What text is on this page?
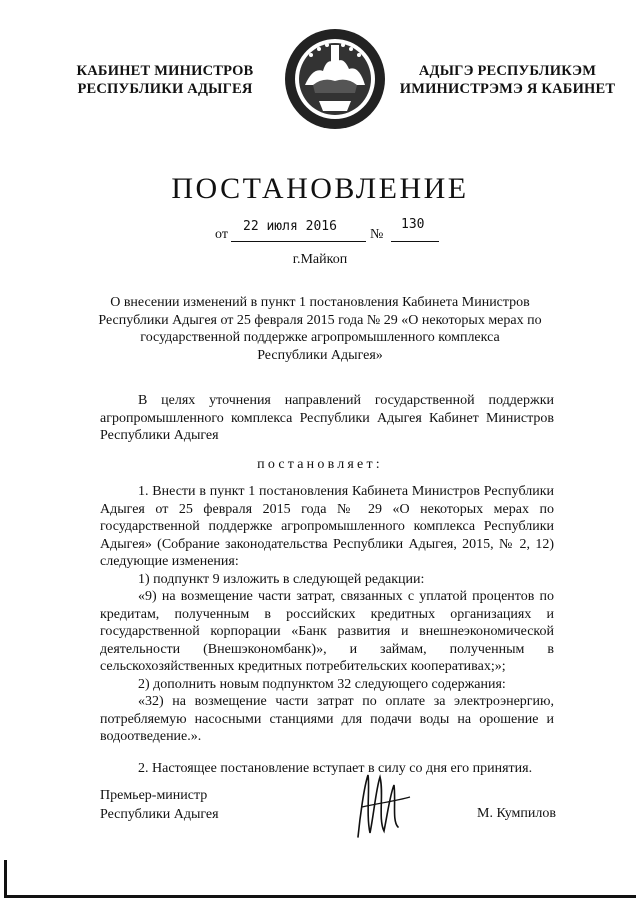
КАБИНЕТ МИНИСТРОВ
РЕСПУБЛИКИ АДЫГЕЯ
АДЫГЭ РЕСПУБЛИКЭМ
ИМИНИСТРЭМЭ Я КАБИНЕТ
ПОСТАНОВЛЕНИЕ
от
22 июля 2016
№
130
г.Майкоп
О внесении изменений в пункт 1 постановления Кабинета Министров
Республики Адыгея от 25 февраля 2015 года № 29 «О некоторых мерах по
государственной поддержке агропромышленного комплекса
Республики Адыгея»
В целях уточнения направлений государственной поддержки агропромышленного комплекса Республики Адыгея Кабинет Министров Республики Адыгея
постановляет:

1. Внести в пункт 1 постановления Кабинета Министров Республики Адыгея от 25 февраля 2015 года № 29 «О некоторых мерах по государственной поддержке агропромышленного комплекса Республики Адыгея» (Собрание законодательства Республики Адыгея, 2015, № 2, 12) следующие изменения:

1) подпункт 9 изложить в следующей редакции:

«9) на возмещение части затрат, связанных с уплатой процентов по кредитам, полученным в российских кредитных организациях и государственной корпорации «Банк развития и внешнеэкономической деятельности (Внешэкономбанк)», и займам, полученным в сельскохозяйственных кредитных потребительских кооперативах;»;

2) дополнить новым подпунктом 32 следующего содержания:

«32) на возмещение части затрат по оплате за электроэнергию, потребляемую насосными станциями для подачи воды на орошение и водоотведение.».

2. Настоящее постановление вступает в силу со дня его принятия.

Премьер-министр
Республики Адыгея	М. Кумпилов
